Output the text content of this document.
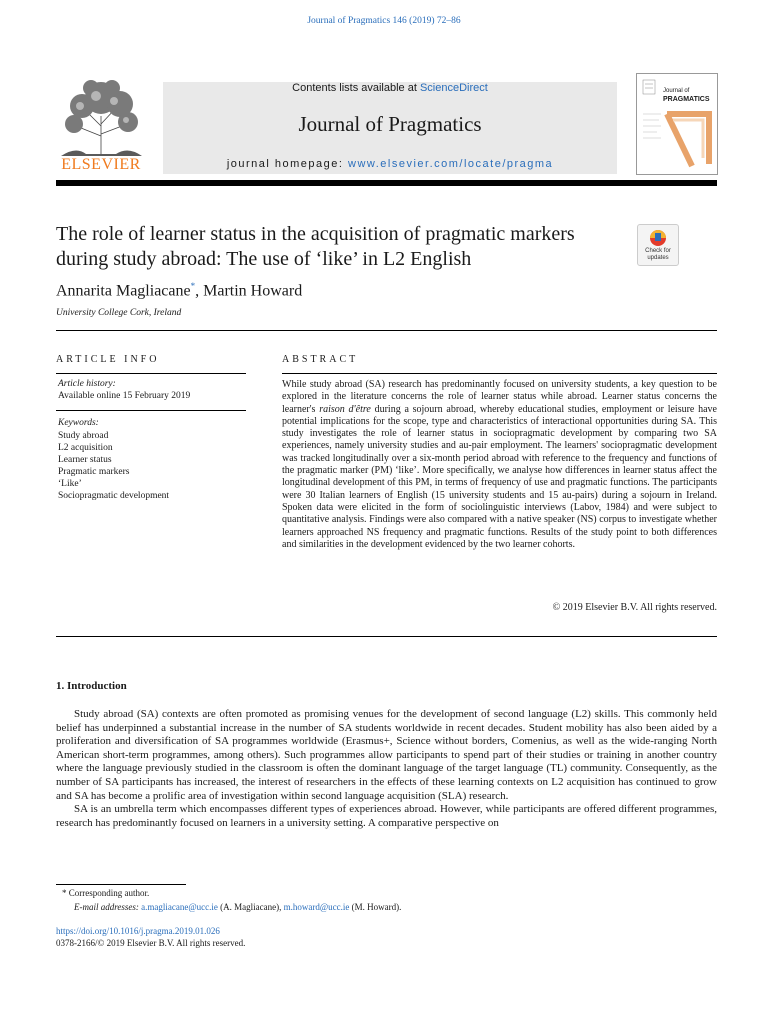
Journal of Pragmatics 146 (2019) 72–86
ELSEVIER
Contents lists available at ScienceDirect
Journal of Pragmatics
journal homepage: www.elsevier.com/locate/pragma
Journal of
PRAGMATICS
The role of learner status in the acquisition of pragmatic markers during study abroad: The use of ‘like’ in L2 English	Check for
updates
Annarita Magliacane*, Martin Howard
University College Cork, Ireland
ARTICLE INFO
Article history:
Available online 15 February 2019
Keywords:
Study abroad
L2 acquisition
Learner status
Pragmatic markers
‘Like’
Sociopragmatic development
ABSTRACT

While study abroad (SA) research has predominantly focused on university students, a key question to be explored in the literature concerns the role of learner status while abroad. Learner status concerns the learner's raison d'être during a sojourn abroad, whereby educational studies, employment or leisure have potential implications for the scope, type and characteristics of interactional opportunities during SA. This study investigates the role of learner status in sociopragmatic development by comparing two SA experiences, namely university studies and au-pair employment. The learners' sociopragmatic development was tracked longitudinally over a six-month period abroad with reference to the frequency and functions of the pragmatic marker (PM) ‘like’. More specifically, we analyse how differences in learner status affect the longitudinal development of this PM, in terms of frequency of use and pragmatic functions. The participants were 30 Italian learners of English (15 university students and 15 au-pairs) during a sojourn in Ireland. Spoken data were elicited in the form of sociolinguistic interviews (Labov, 1984) and were subject to quantitative analysis. Findings were also compared with a native speaker (NS) corpus to investigate whether learners approached NS frequency and pragmatic functions. Results of the study point to both differences and similarities in the development evidenced by the two learner cohorts.

© 2019 Elsevier B.V. All rights reserved.
1. Introduction

Study abroad (SA) contexts are often promoted as promising venues for the development of second language (L2) skills. This commonly held belief has underpinned a substantial increase in the number of SA students worldwide in recent decades. Student mobility has also been aided by a proliferation and diversification of SA programmes worldwide (Erasmus+, Science without borders, Comenius, as well as the wide-ranging North American short-term programmes, among others). Such programmes allow participants to spend part of their studies or training in another country where the language previously studied in the classroom is often the dominant language of the target language (TL) community. Consequently, as the number of SA participants has increased, the interest of researchers in the effects of these learning contexts on L2 acquisition has continued to grow and SA has become a prolific area of investigation within second language acquisition (SLA) research.

SA is an umbrella term which encompasses different types of experiences abroad. However, while participants are offered different programmes, research has predominantly focused on learners in a university setting. A comparative perspective on

* Corresponding author.
E-mail addresses: a.magliacane@ucc.ie (A. Magliacane), m.howard@ucc.ie (M. Howard).
https://doi.org/10.1016/j.pragma.2019.01.026
0378-2166/© 2019 Elsevier B.V. All rights reserved.
